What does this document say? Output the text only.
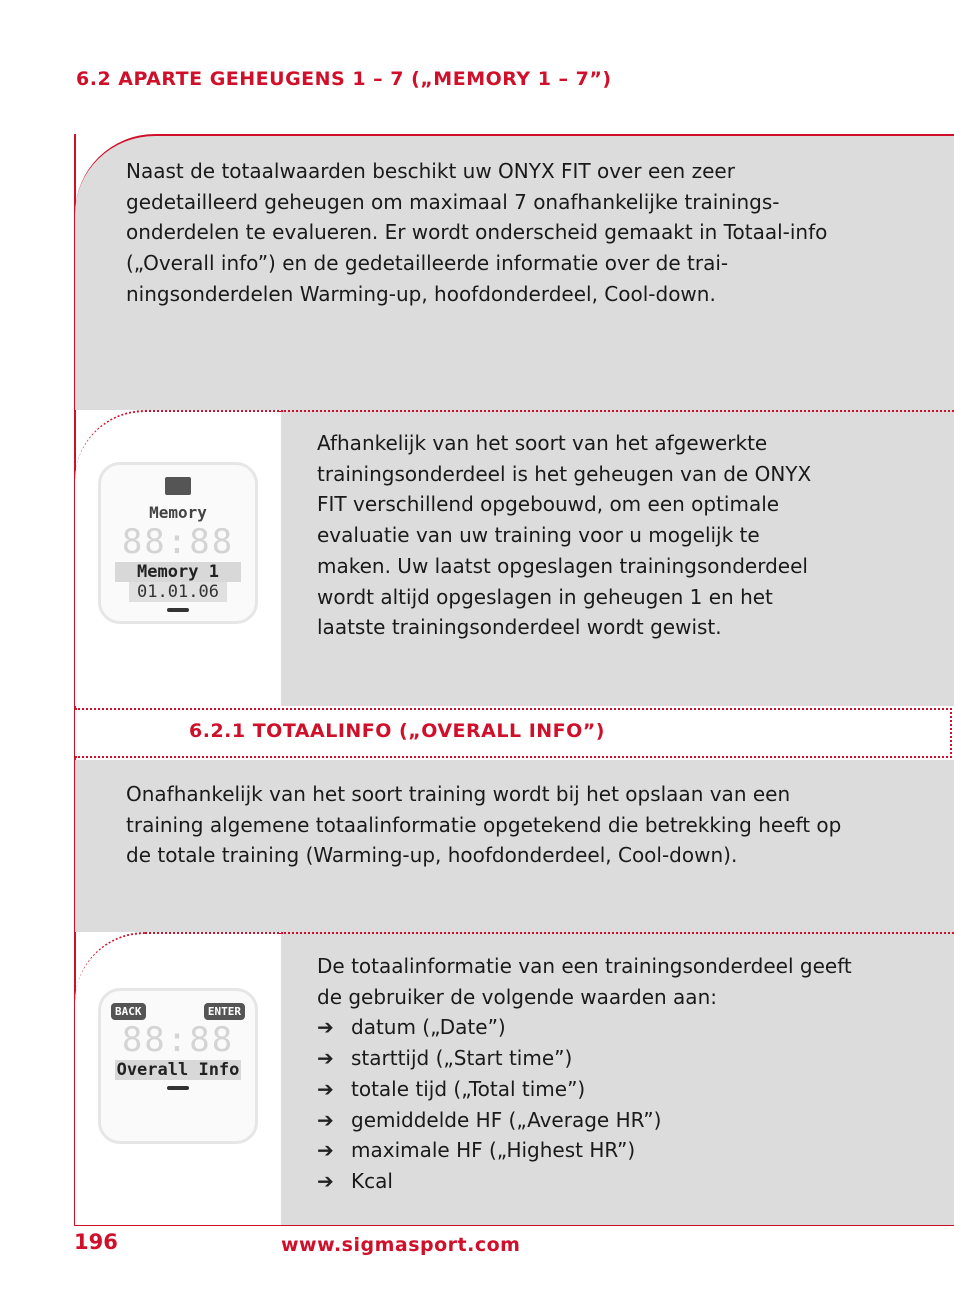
6.2 APARTE GEHEUGENS 1 – 7 („MEMORY 1 – 7”)
Naast de totaalwaarden beschikt uw ONYX FIT over een zeer gedetailleerd geheugen om maximaal 7 onafhankelijke trainings-onderdelen te evalueren. Er wordt onderscheid gemaakt in Totaal-info („Overall info”) en de gedetailleerde informatie over de trai-ningsonderdelen Warming-up, hoofdonderdeel, Cool-down.
Memory
88:88
Memory 1
01.01.06
Afhankelijk van het soort van het afgewerkte trainingsonderdeel is het geheugen van de ONYX FIT verschillend opgebouwd, om een optimale evaluatie van uw training voor u mogelijk te maken. Uw laatst opgeslagen trainingsonderdeel wordt altijd opgeslagen in geheugen 1 en het laatste trainingsonderdeel wordt gewist.
6.2.1 TOTAALINFO („OVERALL INFO”)
Onafhankelijk van het soort training wordt bij het opslaan van een training algemene totaalinformatie opgetekend die betrekking heeft op de totale training (Warming-up, hoofdonderdeel, Cool-down).
BACK	ENTER
88:88
Overall Info
De totaalinformatie van een trainingsonderdeel geeft de gebruiker de volgende waarden aan:
➔ datum („Date”)
➔ starttijd („Start time”)
➔ totale tijd („Total time”)
➔ gemiddelde HF („Average HR”)
➔ maximale HF („Highest HR”)
➔ Kcal
196	www.sigmasport.com
